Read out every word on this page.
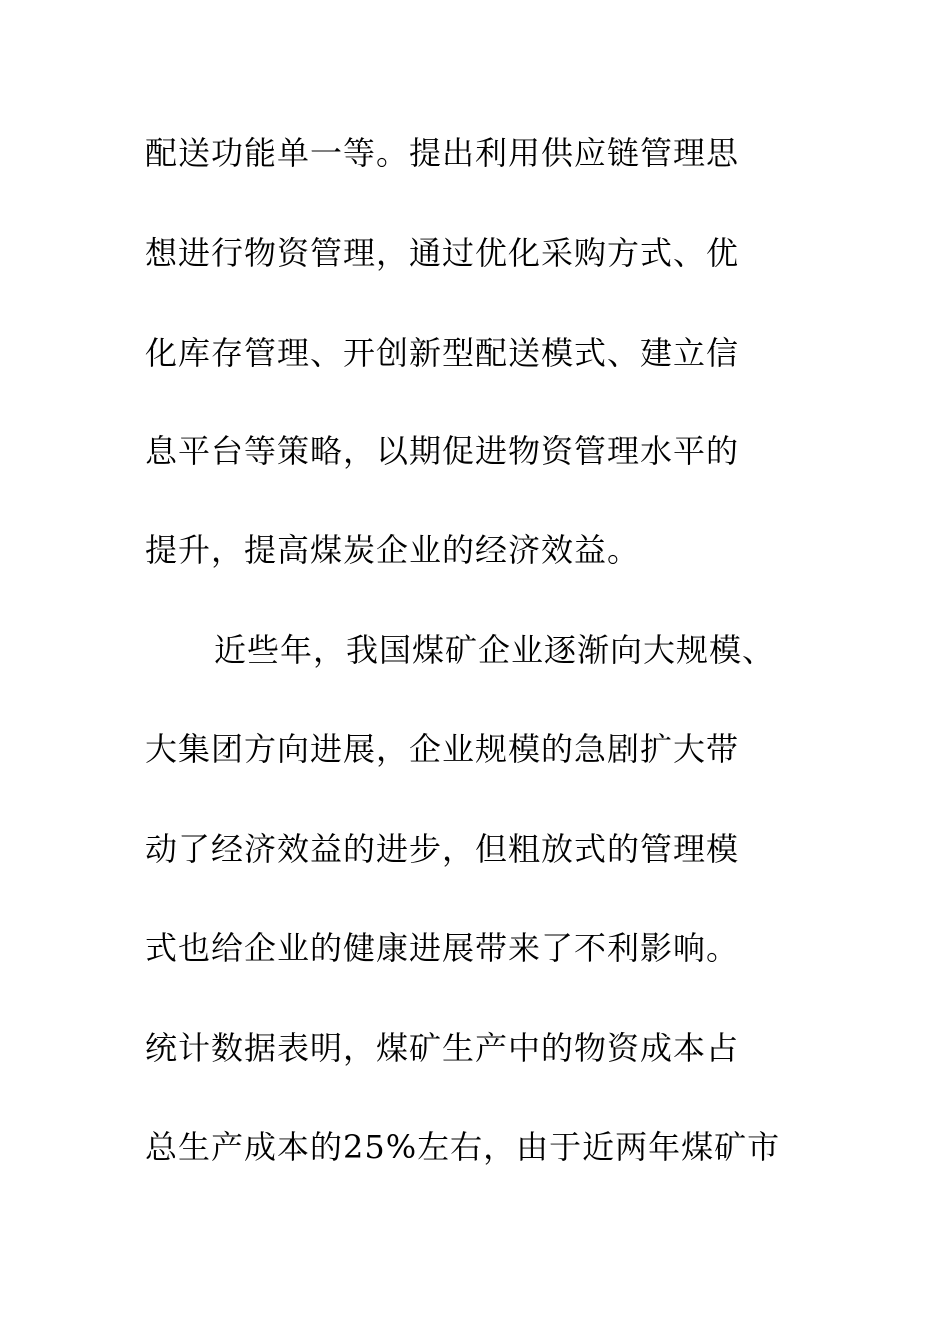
配送功能单一等。提出利用供应链管理思
想进行物资管理，通过优化采购方式、优
化库存管理、开创新型配送模式、建立信
息平台等策略，以期促进物资管理水平的
提升，提高煤炭企业的经济效益。
近些年，我国煤矿企业逐渐向大规模、
大集团方向进展，企业规模的急剧扩大带
动了经济效益的进步，但粗放式的管理模
式也给企业的健康进展带来了不利影响。
统计数据表明，煤矿生产中的物资成本占
总生产成本的25%左右，由于近两年煤矿市
